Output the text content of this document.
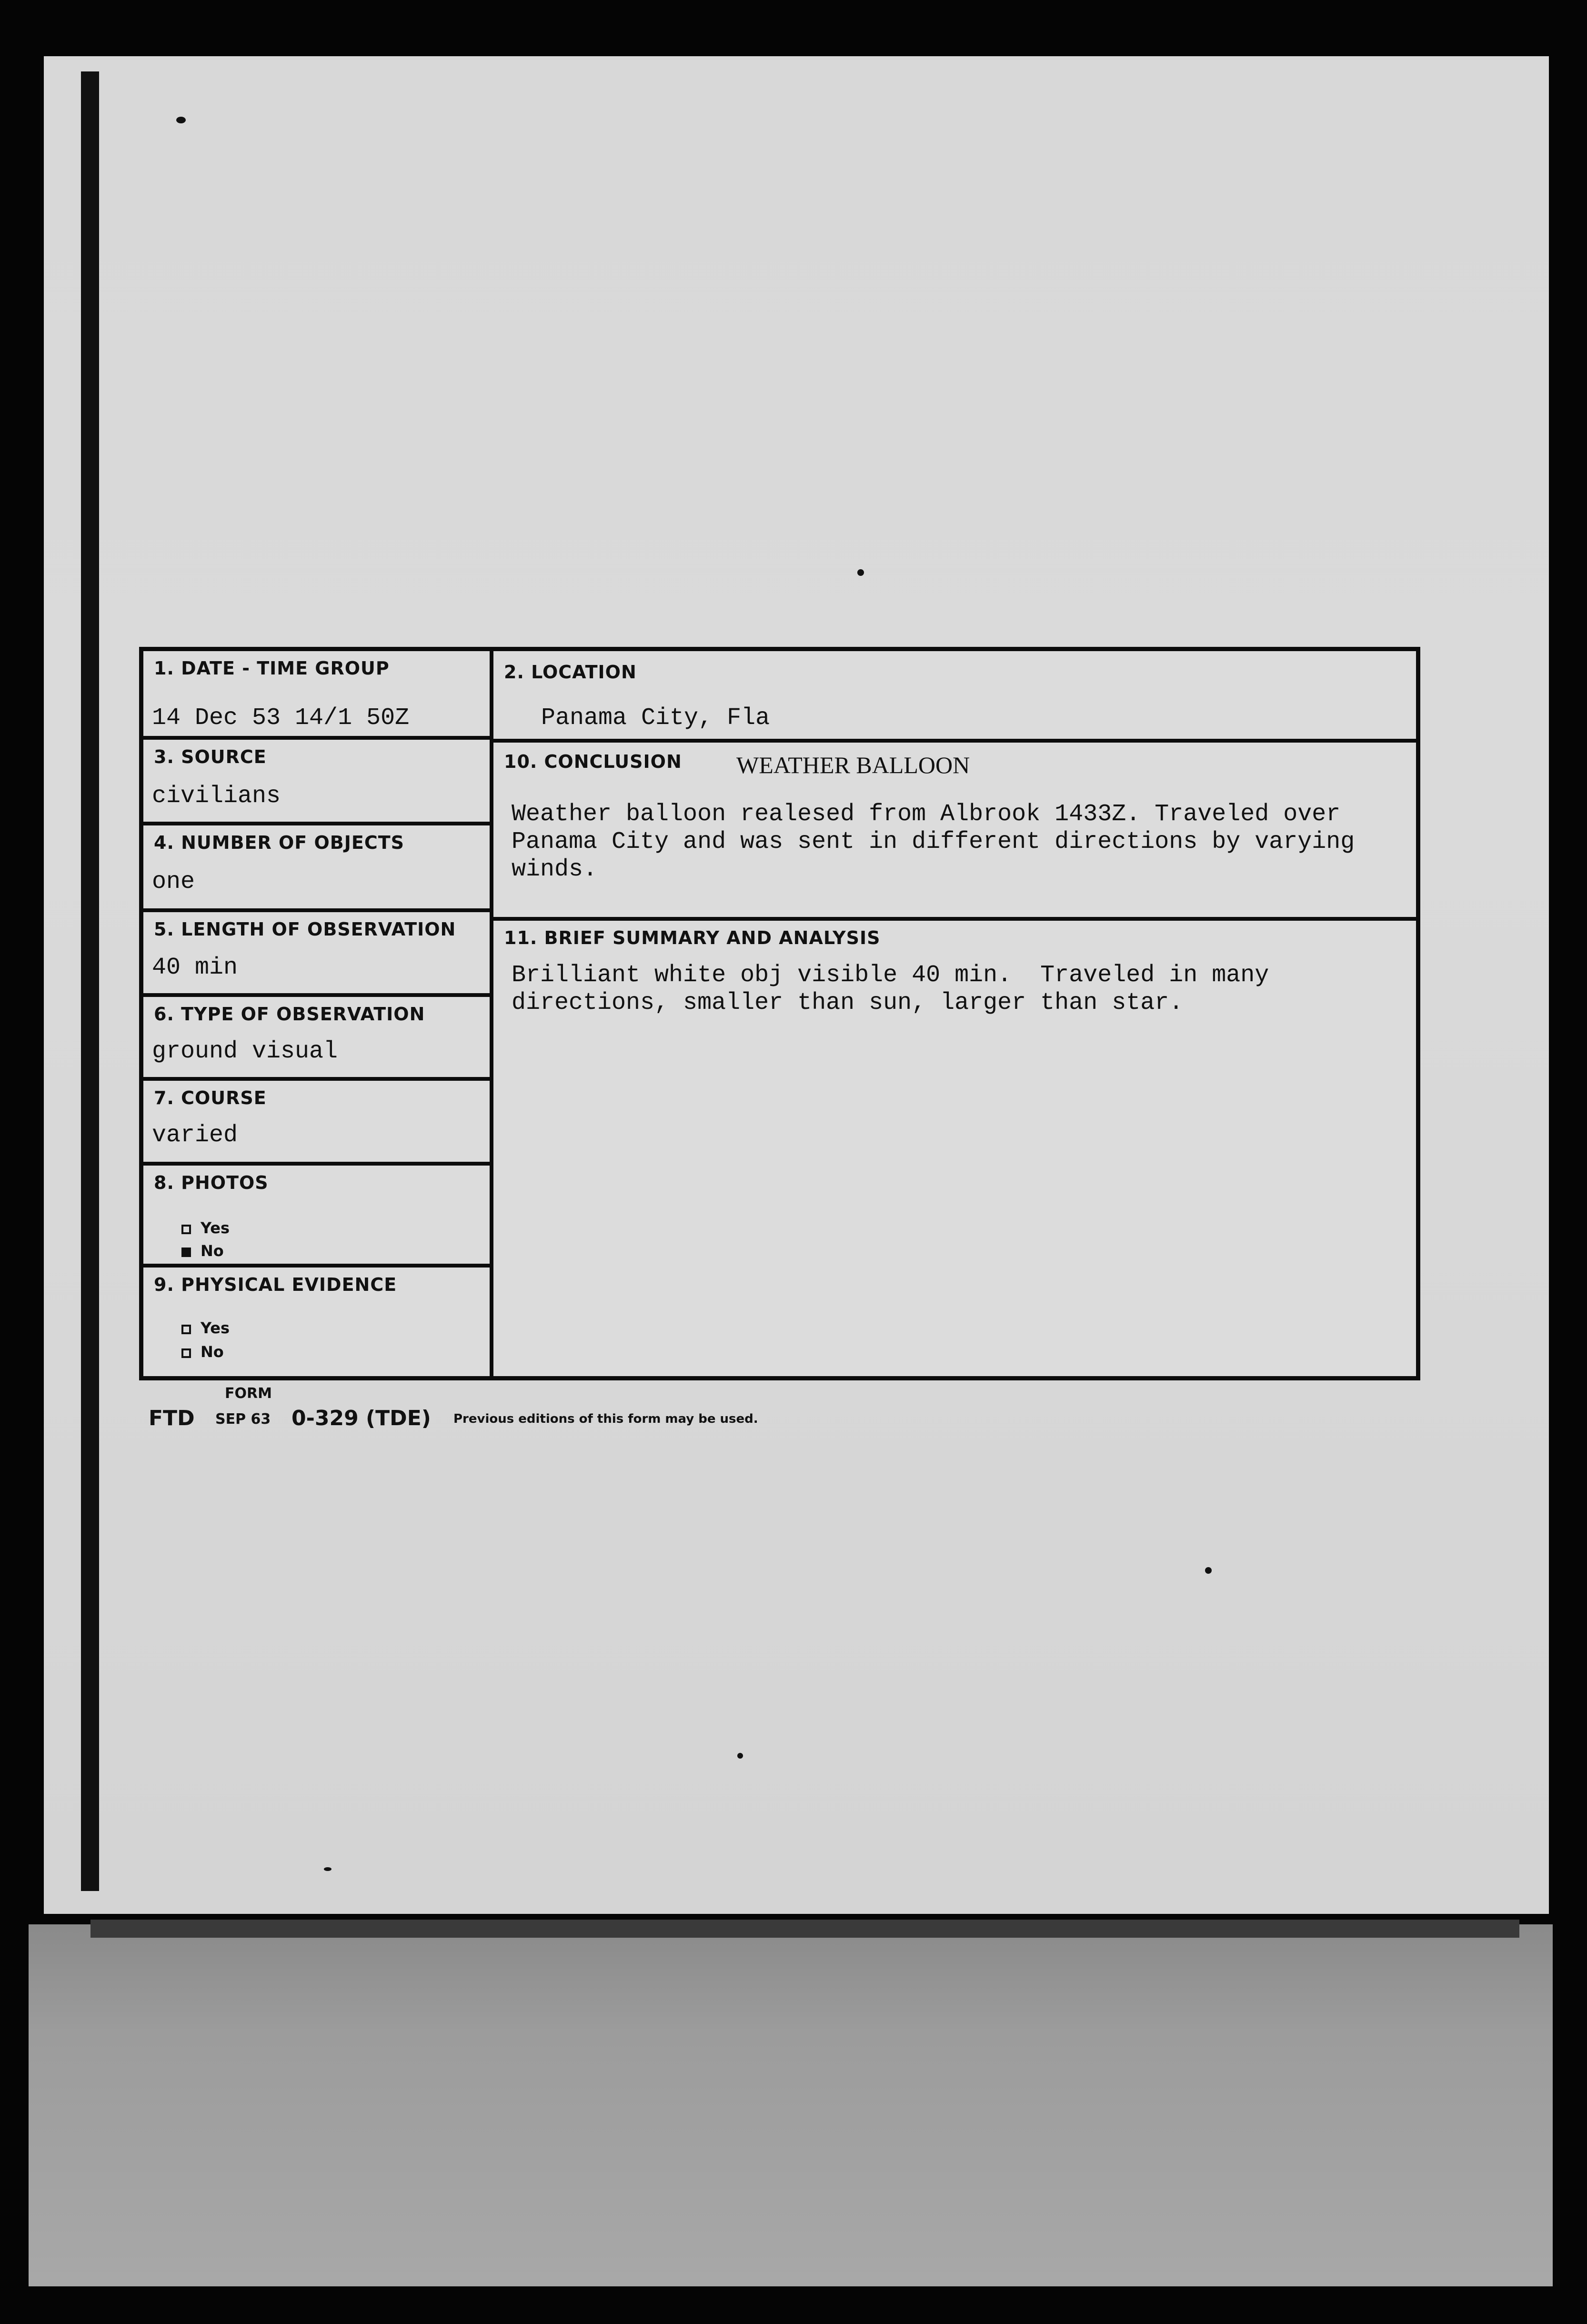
1. DATE - TIME GROUP
14 Dec 53 14/1 50Z
3. SOURCE
civilians
4. NUMBER OF OBJECTS
one
5. LENGTH OF OBSERVATION
40 min
6. TYPE OF OBSERVATION
ground visual
7. COURSE
varied
8. PHOTOS
Yes
No
9. PHYSICAL EVIDENCE
Yes
No
2. LOCATION
Panama City, Fla
10. CONCLUSION WEATHER BALLOON
Weather balloon realesed from Albrook 1433Z. Traveled over
Panama City and was sent in different directions by varying
winds.
11. BRIEF SUMMARY AND ANALYSIS
Brilliant white obj visible 40 min.  Traveled in many
directions, smaller than sun, larger than star.
FORM
FTD SEP 63 0-329 (TDE) Previous editions of this form may be used.
